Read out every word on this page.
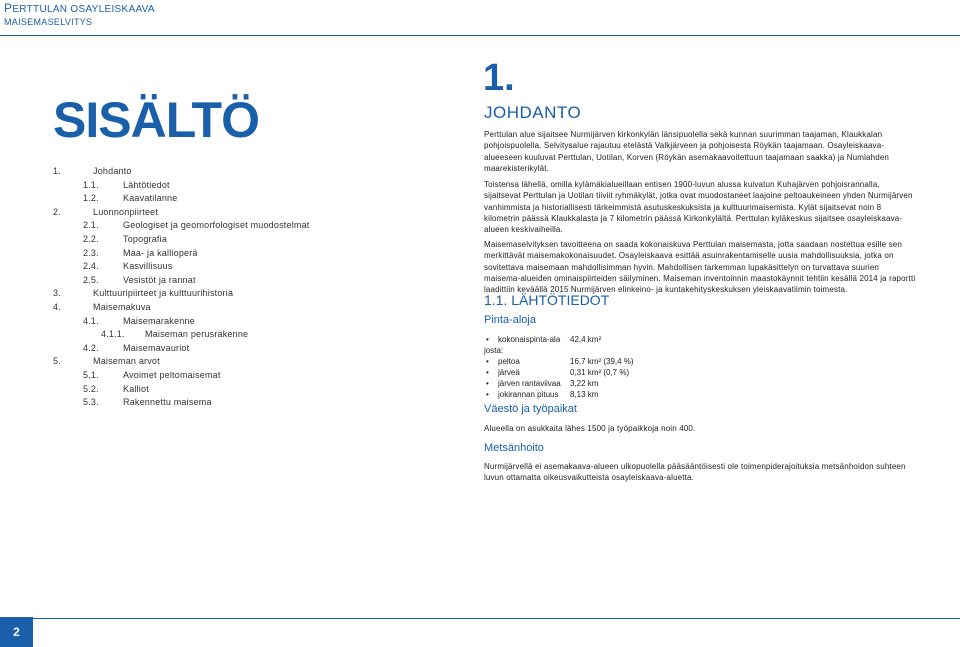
PERTTULAN OSAYLEISKAAVA
MAISEMASELVITYS
SISÄLTÖ
1.	Johdanto
1.1.	Lähtötiedot
1.2.	Kaavatilanne
2.	Luonnonpiirteet
2.1.	Geologiset ja geomorfologiset muodostelmat
2.2.	Topografia
2.3.	Maa- ja kallioperä
2.4.	Kasvillisuus
2.5.	Vesistöt ja rannat
3.	Kulttuuripiirteet ja kulttuurihistoria
4.	Maisemakuva
4.1.	Maisemarakenne
4.1.1. Maiseman perusrakenne
4.2.	Maisemavauriot
5.	Maiseman arvot
5.1.	Avoimet peltomaisemat
5.2.	Kalliot
5.3.	Rakennettu maisema
1.
JOHDANTO

Perttulan alue sijaitsee Nurmijärven kirkonkylän länsipuolella sekä kunnan suurimman taajaman, Klaukkalan pohjoispuolella. Selvitysalue rajautuu etelästä Valkjärveen ja pohjoisesta Röykän taajamaan. Osayleiskaava-alueeseen kuuluvat Perttulan, Uotilan, Korven (Röykän asemakaavoitettuun taajamaan saakka) ja Numlahden maarekisterikylät.

Toistensa lähellä, omilla kylämäkialueillaan entisen 1900-luvun alussa kuivatun Kuhajärven pohjoisrannalla, sijaitsevat Perttulan ja Uotilan tiiviit ryhmäkylät, jotka ovat muodostaneet laajoine peltoaukeineen yhden Nurmijärven vanhimmista ja historiallisesti tärkeimmistä asutuskeskuksista ja kulttuurimaisemista. Kylät sijaitsevat noin 8 kilometrin päässä Klaukkalasta ja 7 kilometrin päässä Kirkonkylältä. Perttulan kyläkeskus sijaitsee osayleiskaava-alueen keskivaiheilla.

Maisemaselvityksen tavoitteena on saada kokonaiskuva Perttulan maisemasta, jotta saadaan nostettua esille sen merkittävät maisemakokonaisuudet. Osayleiskaava esittää asuinrakentamiselle uusia mahdollisuuksia, jotka on sovitettava maisemaan mahdollisimman hyvin. Mahdollisen tarkemman lupakäsittelyn on turvattava suurien maisema-alueiden ominaispiirteiden säilyminen. Maiseman inventoinnin maastokäynnit tehtiin kesällä 2014 ja raportti laadittiin keväällä 2015 Nurmijärven elinkeino- ja kuntakehityskeskuksen yleiskaavatiimin toimesta.

1.1. LÄHTÖTIEDOT
Pinta-aloja
• kokonaispinta-ala 42,4 km²
josta:
• peltoa	16,7 km² (39,4 %)
• järveä	0,31 km² (0,7 %)
• järven rantaviivaa 3,22 km
• jokirannan pituus 8,13 km
Väestö ja työpaikat

Alueella on asukkaita lähes 1500 ja työpaikkoja noin 400.

Metsänhoito

Nurmijärvellä ei asemakaava-alueen ulkopuolella pääsääntöisesti ole toimenpiderajoituksia metsänhoidon suhteen luvun ottamatta oikeusvaikutteista osayleiskaava-aluetta.

2
